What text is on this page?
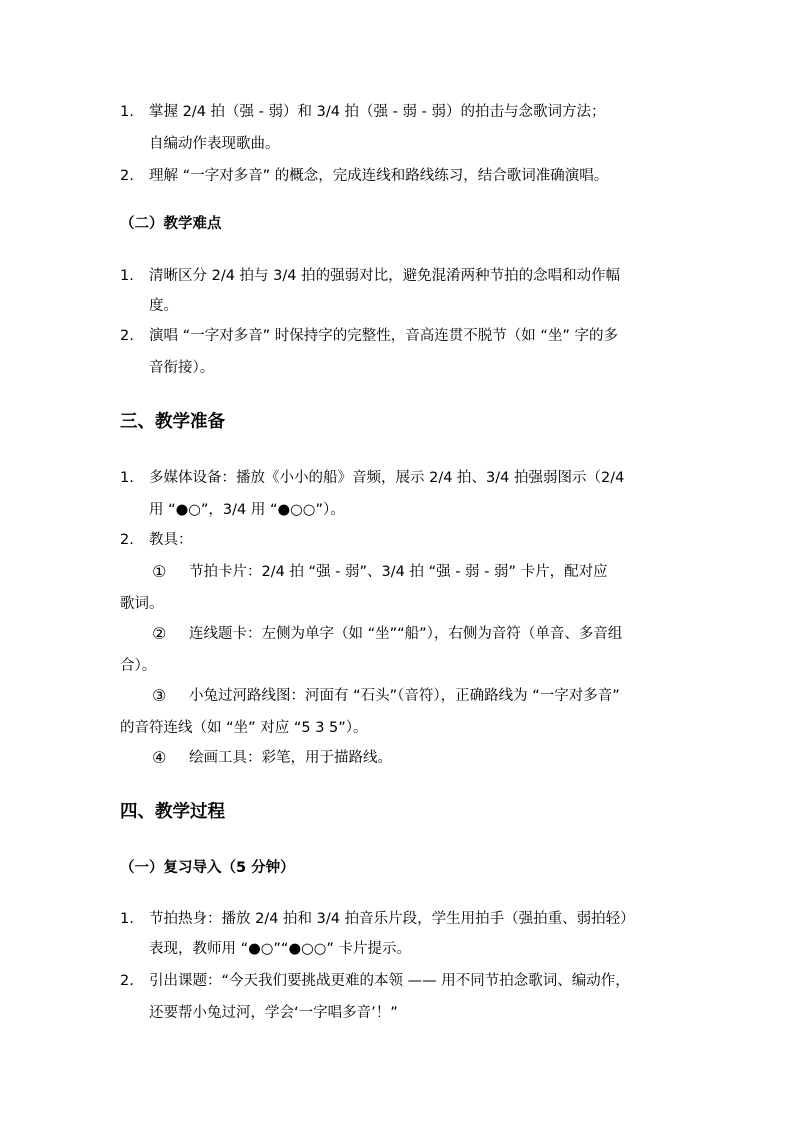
1. 掌握 2/4 拍（强 - 弱）和 3/4 拍（强 - 弱 - 弱）的拍击与念歌词方法；
自编动作表现歌曲。
2. 理解 “一字对多音” 的概念，完成连线和路线练习，结合歌词准确演唱。
（二）教学难点
1. 清晰区分 2/4 拍与 3/4 拍的强弱对比，避免混淆两种节拍的念唱和动作幅
度。
2. 演唱 “一字对多音” 时保持字的完整性，音高连贯不脱节（如 “坐” 字的多
音衔接）。
三、教学准备
1. 多媒体设备：播放《小小的船》音频，展示 2/4 拍、3/4 拍强弱图示（2/4
用 “●○”，3/4 用 “●○○”）。
2. 教具：
① 节拍卡片：2/4 拍 “强 - 弱”、3/4 拍 “强 - 弱 - 弱” 卡片，配对应
歌词。
② 连线题卡：左侧为单字（如 “坐”“船”），右侧为音符（单音、多音组
合）。
③ 小兔过河路线图：河面有 “石头”（音符），正确路线为 “一字对多音”
的音符连线（如 “坐” 对应 “5 3 5”）。
④ 绘画工具：彩笔，用于描路线。
四、教学过程
（一）复习导入（5 分钟）
1. 节拍热身：播放 2/4 拍和 3/4 拍音乐片段，学生用拍手（强拍重、弱拍轻）
表现，教师用 “●○”“●○○” 卡片提示。
2. 引出课题：“今天我们要挑战更难的本领 —— 用不同节拍念歌词、编动作，
还要帮小兔过河，学会‘一字唱多音’！”
